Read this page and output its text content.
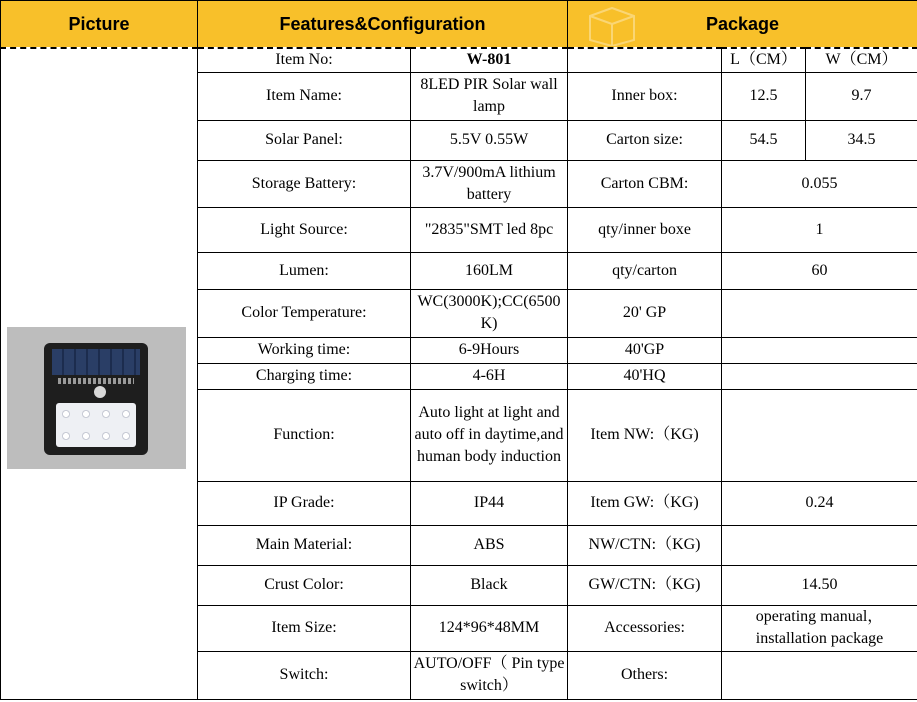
Picture	Features&Configuration		Package		

	Item No:	W-801		L（CM）	W（CM）
	Item Name:	8LED PIR Solar wall lamp	Inner box:	12.5	9.7
	Solar Panel:	5.5V 0.55W	Carton size:	54.5	34.5
	Storage Battery:	3.7V/900mA lithium battery	Carton CBM:	0.055	
	Light Source:	"2835"SMT led 8pc	qty/inner boxe	1	
	Lumen:	160LM	qty/carton	60	
	Color Temperature:	WC(3000K);CC(6500K)	20' GP		
	Working time:	6-9Hours	40'GP		
	Charging time:	4-6H	40'HQ		
	Function:	Auto light at light and auto off in daytime,and human body induction	Item NW:（KG)		
	IP Grade:	IP44	Item GW:（KG)	0.24	
	Main Material:	ABS	NW/CTN:（KG)		
	Crust Color:	Black	GW/CTN:（KG)	14.50	
	Item Size:	124*96*48MM	Accessories:	operating manual，installation package	
	Switch:	AUTO/OFF（ Pin type switch）	Others:		
